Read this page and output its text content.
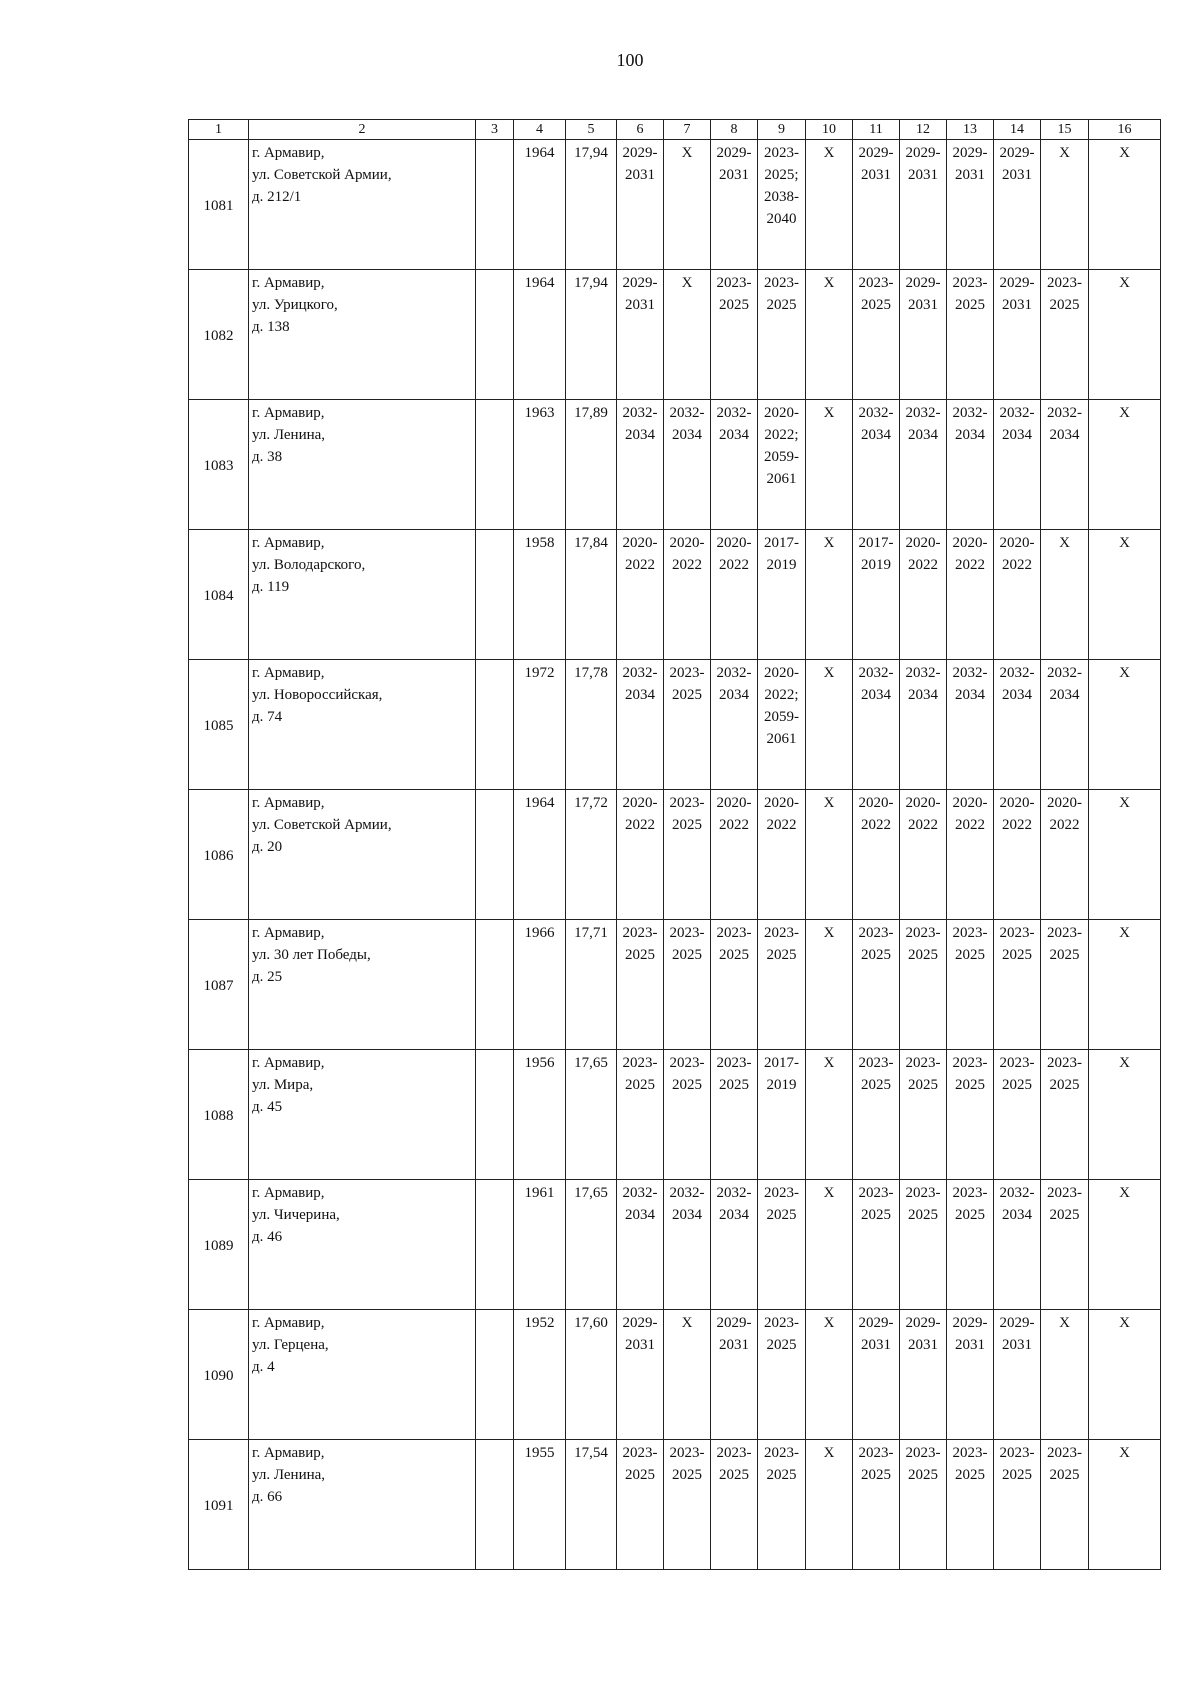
100
1	2	3	4	5	6	7	8	9	10	11	12	13	14	15	16
1081	г. Армавир,
ул. Советской Армии,
д. 212/1		1964	17,94	2029-
2031	X	2029-
2031	2023-
2025;
2038-
2040	X	2029-
2031	2029-
2031	2029-
2031	2029-
2031	X	X
1082	г. Армавир,
ул. Урицкого,
д. 138		1964	17,94	2029-
2031	X	2023-
2025	2023-
2025	X	2023-
2025	2029-
2031	2023-
2025	2029-
2031	2023-
2025	X
1083	г. Армавир,
ул. Ленина,
д. 38		1963	17,89	2032-
2034	2032-
2034	2032-
2034	2020-
2022;
2059-
2061	X	2032-
2034	2032-
2034	2032-
2034	2032-
2034	2032-
2034	X
1084	г. Армавир,
ул. Володарского,
д. 119		1958	17,84	2020-
2022	2020-
2022	2020-
2022	2017-
2019	X	2017-
2019	2020-
2022	2020-
2022	2020-
2022	X	X
1085	г. Армавир,
ул. Новороссийская,
д. 74		1972	17,78	2032-
2034	2023-
2025	2032-
2034	2020-
2022;
2059-
2061	X	2032-
2034	2032-
2034	2032-
2034	2032-
2034	2032-
2034	X
1086	г. Армавир,
ул. Советской Армии,
д. 20		1964	17,72	2020-
2022	2023-
2025	2020-
2022	2020-
2022	X	2020-
2022	2020-
2022	2020-
2022	2020-
2022	2020-
2022	X
1087	г. Армавир,
ул. 30 лет Победы,
д. 25		1966	17,71	2023-
2025	2023-
2025	2023-
2025	2023-
2025	X	2023-
2025	2023-
2025	2023-
2025	2023-
2025	2023-
2025	X
1088	г. Армавир,
ул. Мира,
д. 45		1956	17,65	2023-
2025	2023-
2025	2023-
2025	2017-
2019	X	2023-
2025	2023-
2025	2023-
2025	2023-
2025	2023-
2025	X
1089	г. Армавир,
ул. Чичерина,
д. 46		1961	17,65	2032-
2034	2032-
2034	2032-
2034	2023-
2025	X	2023-
2025	2023-
2025	2023-
2025	2032-
2034	2023-
2025	X
1090	г. Армавир,
ул. Герцена,
д. 4		1952	17,60	2029-
2031	X	2029-
2031	2023-
2025	X	2029-
2031	2029-
2031	2029-
2031	2029-
2031	X	X
1091	г. Армавир,
ул. Ленина,
д. 66		1955	17,54	2023-
2025	2023-
2025	2023-
2025	2023-
2025	X	2023-
2025	2023-
2025	2023-
2025	2023-
2025	2023-
2025	X
